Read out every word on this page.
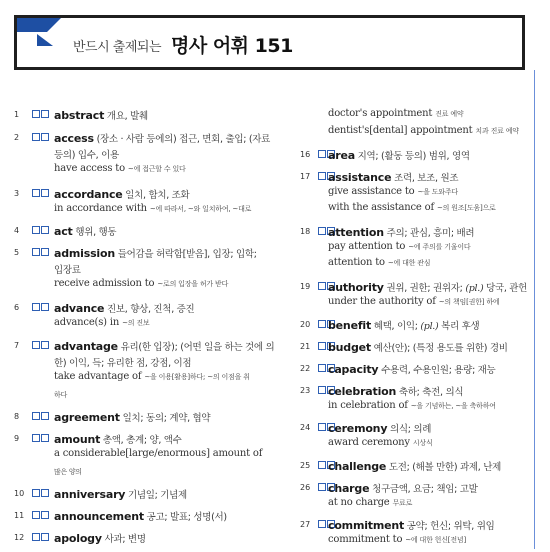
반드시 출제되는 명사 어휘 151
1	abstract 개요, 발췌
2	access (장소 · 사람 등에의) 접근, 면회, 출입; (자료
등의) 입수, 이용
have access to ~에 접근할 수 있다
3	accordance 일치, 합치, 조화
in accordance with ~에 따라서, ~와 일치하여, ~대로
4	act 행위, 행동
5	admission 들어감을 허락함[받음], 입장; 입학;
입장료
receive admission to ~로의 입장을 허가 받다
6	advance 진보, 향상, 진척, 증진
advance(s) in ~의 진보
7	advantage 유리(한 입장); (어떤 일을 하는 것에 의
한) 이익, 득; 유리한 점, 강점, 이점
take advantage of ~을 이용[활용]하다; ~의 이점을 취
하다
8	agreement 일치; 동의; 계약, 협약
9	amount 총액, 총계; 양, 액수
a considerable[large/enormous] amount of
많은 양의
10	anniversary 기념일; 기념제
11	announcement 공고; 발표; 성명(서)
12	apology 사과; 변명
doctor's appointment 진료 예약
dentist's[dental] appointment 치과 진료 예약
16	area 지역; (활동 등의) 범위, 영역
17	assistance 조력, 보조, 원조
give assistance to ~을 도와주다
with the assistance of ~의 원조[도움]으로
18	attention 주의; 관심, 흥미; 배려
pay attention to ~에 주의를 기울이다
attention to ~에 대한 관심
19	authority 권위, 권한; 권위자; (pl.) 당국, 관헌
under the authority of ~의 책임[권한] 하에
20	benefit 혜택, 이익; (pl.) 복리 후생
21	budget 예산(안); (특정 용도를 위한) 경비
22	capacity 수용력, 수용인원; 용량; 재능
23	celebration 축하; 축전, 의식
in celebration of ~을 기념하는, ~을 축하하여
24	ceremony 의식; 의례
award ceremony 시상식
25	challenge 도전; (해볼 만한) 과제, 난제
26	charge 청구금액, 요금; 책임; 고발
at no charge 무료로
27	commitment 공약; 헌신; 위탁, 위임
commitment to ~에 대한 헌신[전념]
